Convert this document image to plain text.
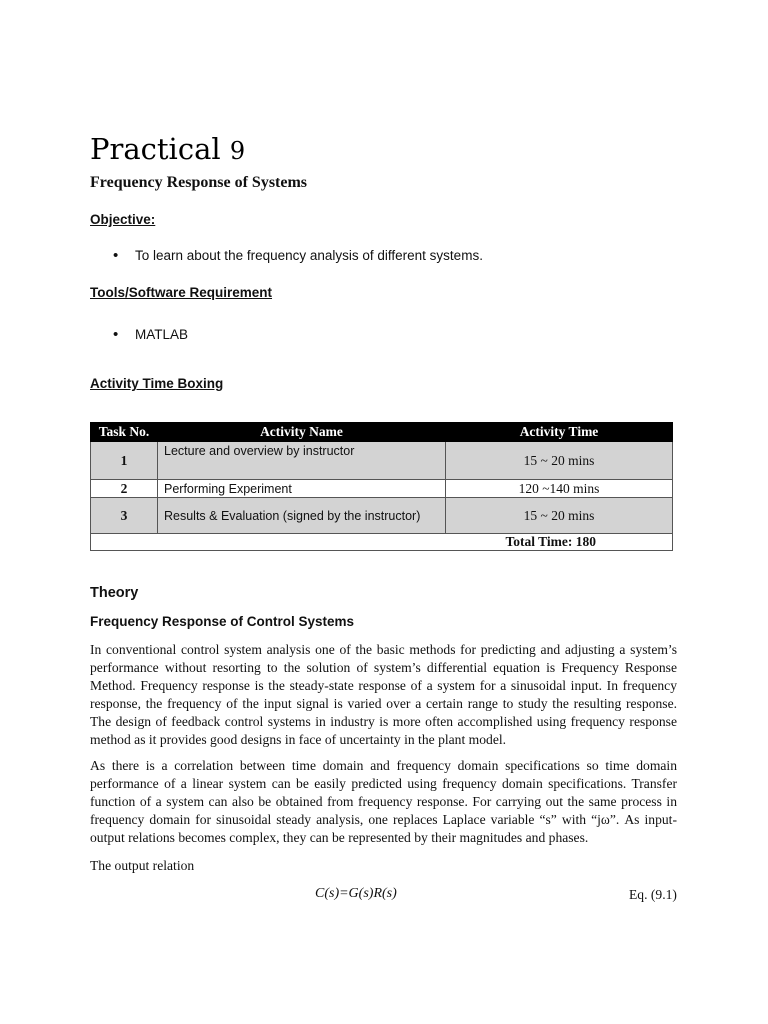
Practical 9
Frequency Response of Systems
Objective:
• To learn about the frequency analysis of different systems.
Tools/Software Requirement
• MATLAB
Activity Time Boxing
Task No.	Activity Name	Activity Time
1	Lecture and overview by instructor	15 ~ 20 mins
2	Performing Experiment	120 ~140 mins
3	Results & Evaluation (signed by the instructor)	15 ~ 20 mins
Total Time: 180		
Theory
Frequency Response of Control Systems
In conventional control system analysis one of the basic methods for predicting and adjusting a system’s performance without resorting to the solution of system’s differential equation is Frequency Response Method. Frequency response is the steady-state response of a system for a sinusoidal input. In frequency response, the frequency of the input signal is varied over a certain range to study the resulting response. The design of feedback control systems in industry is more often accomplished using frequency response method as it provides good designs in face of uncertainty in the plant model.
As there is a correlation between time domain and frequency domain specifications so time domain performance of a linear system can be easily predicted using frequency domain specifications. Transfer function of a system can also be obtained from frequency response. For carrying out the same process in frequency domain for sinusoidal steady analysis, one replaces Laplace variable “s” with “jω”. As input-output relations becomes complex, they can be represented by their magnitudes and phases.
The output relation
C(s)=G(s)R(s)	Eq. (9.1)
